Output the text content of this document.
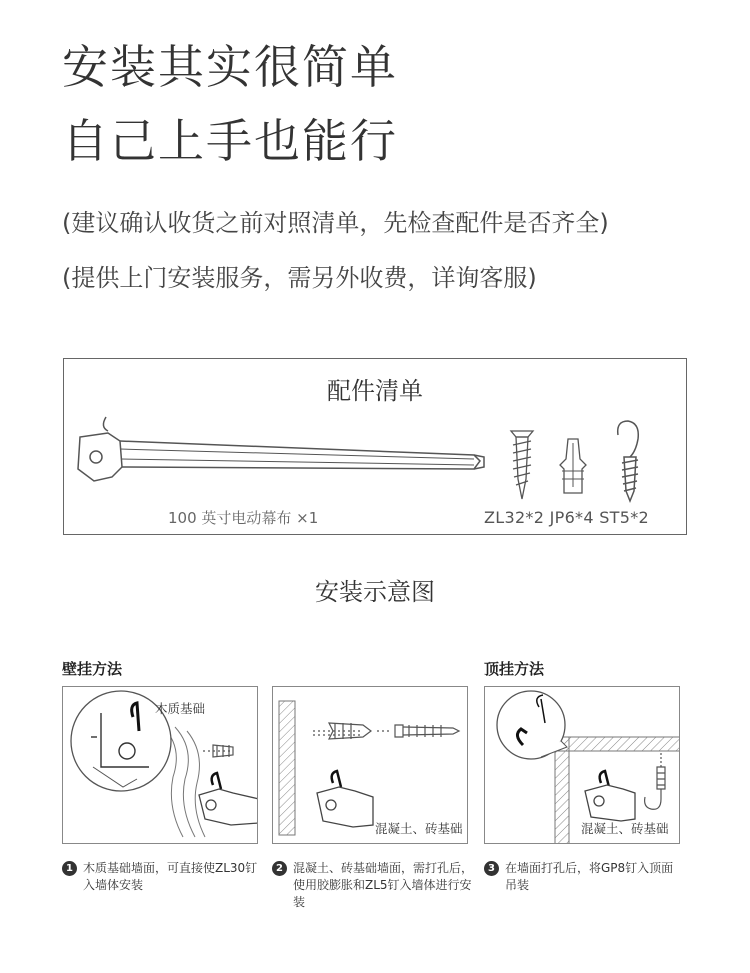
安装其实很简单
自己上手也能行
(建议确认收货之前对照清单，先检查配件是否齐全)
(提供上门安装服务，需另外收费，详询客服)
配件清单
100 英寸电动幕布 ×1	ZL32*2 JP6*4 ST5*2
安装示意图
壁挂方法	顶挂方法
木质基础
混凝土、砖基础	混凝土、砖基础
1 木质基础墙面，可直接使ZL30钉入墙体安装
2 混凝土、砖基础墙面，需打孔后，使用胶膨胀和ZL5钉入墙体进行安装
3 在墙面打孔后，将GP8钉入顶面吊装
